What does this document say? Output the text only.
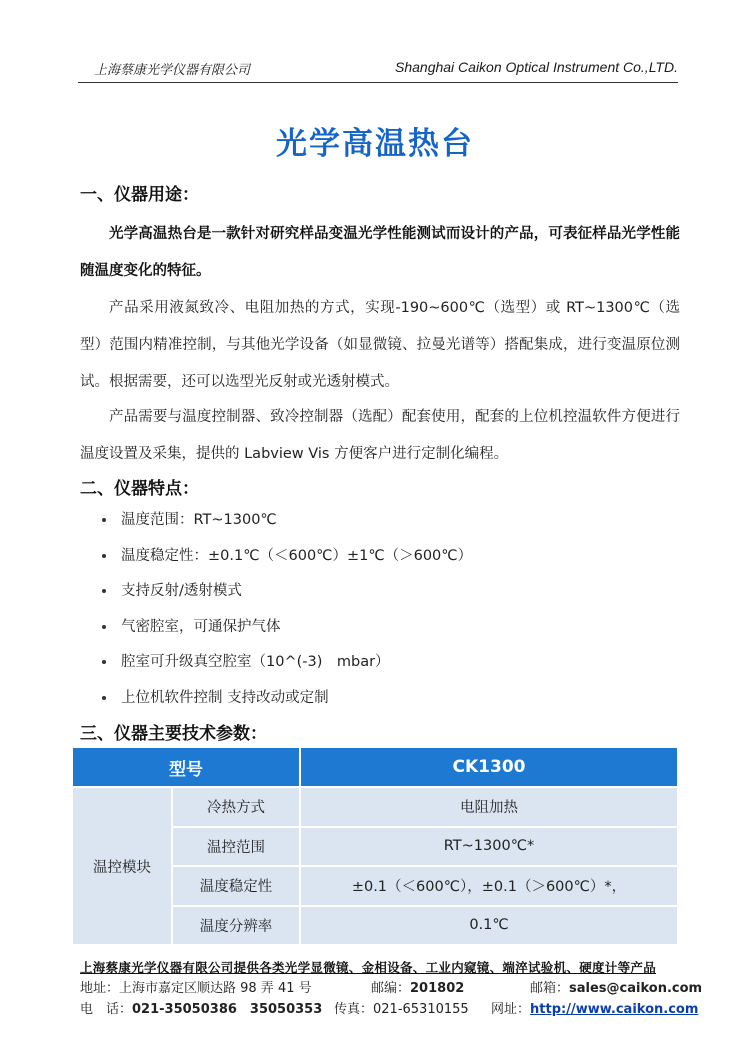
上海蔡康光学仪器有限公司	Shanghai Caikon Optical Instrument Co.,LTD.
光学高温热台
一、仪器用途：
光学高温热台是一款针对研究样品变温光学性能测试而设计的产品，可表征样品光学性能随温度变化的特征。
产品采用液氮致冷、电阻加热的方式，实现-190~600℃（选型）或 RT~1300℃（选型）范围内精准控制，与其他光学设备（如显微镜、拉曼光谱等）搭配集成，进行变温原位测试。根据需要，还可以选型光反射或光透射模式。
产品需要与温度控制器、致冷控制器（选配）配套使用，配套的上位机控温软件方便进行温度设置及采集，提供的 Labview Vis 方便客户进行定制化编程。
二、仪器特点：
温度范围：RT~1300℃
温度稳定性：±0.1℃（＜600℃）±1℃（＞600℃）
支持反射/透射模式
气密腔室，可通保护气体
腔室可升级真空腔室（10^(-3)　mbar）
上位机软件控制 支持改动或定制
三、仪器主要技术参数：
型号		CK1300
温控模块	冷热方式	电阻加热
	温控范围	RT~1300℃*
	温度稳定性	±0.1（＜600℃），±0.1（＞600℃）*，
	温度分辨率	0.1℃
上海蔡康光学仪器有限公司提供各类光学显微镜、金相设备、工业内窥镜、端淬试验机、硬度计等产品
地址：上海市嘉定区顺达路 98 弄 41 号	邮编：201802	邮箱：sales@caikon.com
电　话：021-35050386　35050353 传真：021-65310155 网址：http://www.caikon.com
